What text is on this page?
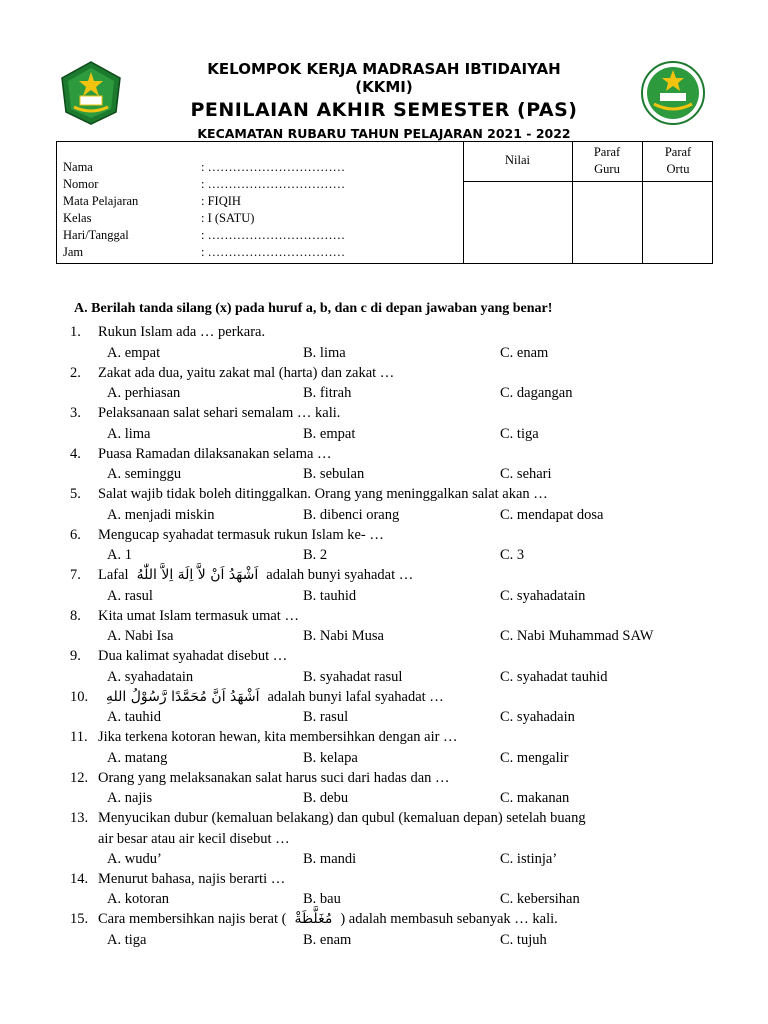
KELOMPOK KERJA MADRASAH IBTIDAIYAH
(KKMI)
PENILAIAN AKHIR SEMESTER (PAS)
KECAMATAN RUBARU TAHUN PELAJARAN 2021 - 2022
Nilai
Paraf
Guru
Paraf
Ortu
Nama	: ……………………………
Nomor	: ……………………………
Mata Pelajaran	: FIQIH
Kelas	: I (SATU)
Hari/Tanggal	: ……………………………
Jam	: ……………………………
A. Berilah tanda silang (x) pada huruf a, b, dan c di depan jawaban yang benar!
1. Rukun Islam ada … perkara.
A. empat	B. lima	C. enam
2. Zakat ada dua, yaitu zakat mal (harta) dan zakat …
A. perhiasan	B. fitrah	C. dagangan
3. Pelaksanaan salat sehari semalam … kali.
A. lima	B. empat	C. tiga
4. Puasa Ramadan dilaksanakan selama …
A. seminggu	B. sebulan	C. sehari
5. Salat wajib tidak boleh ditinggalkan. Orang yang meninggalkan salat akan …
A. menjadi miskin	B. dibenci orang	C. mendapat dosa
6. Mengucap syahadat termasuk rukun Islam ke- …
A. 1	B. 2	C. 3
7. Lafal اَشْهَدُ اَنْ لاَّ اِلَهَ اِلاَّ اللّٰهُ adalah bunyi syahadat …
A. rasul	B. tauhid	C. syahadatain
8. Kita umat Islam termasuk umat …
A. Nabi Isa	B. Nabi Musa	C. Nabi Muhammad SAW
9. Dua kalimat syahadat disebut …
A. syahadatain	B. syahadat rasul	C. syahadat tauhid
10. اَشْهَدُ اَنَّ مُحَمَّدًا رَّسُوْلُ اللهِ adalah bunyi lafal syahadat …
A. tauhid	B. rasul	C. syahadain
11. Jika terkena kotoran hewan, kita membersihkan dengan air …
A. matang	B. kelapa	C. mengalir
12. Orang yang melaksanakan salat harus suci dari hadas dan …
A. najis	B. debu	C. makanan
13. Menyucikan dubur (kemaluan belakang) dan qubul (kemaluan depan) setelah buang
air besar atau air kecil disebut …
A. wudu’	B. mandi	C. istinja’
14. Menurut bahasa, najis berarti …
A. kotoran	B. bau	C. kebersihan
15. Cara membersihkan najis berat ( مُغَلَّظَةْ ) adalah membasuh sebanyak … kali.
A. tiga	B. enam	C. tujuh
